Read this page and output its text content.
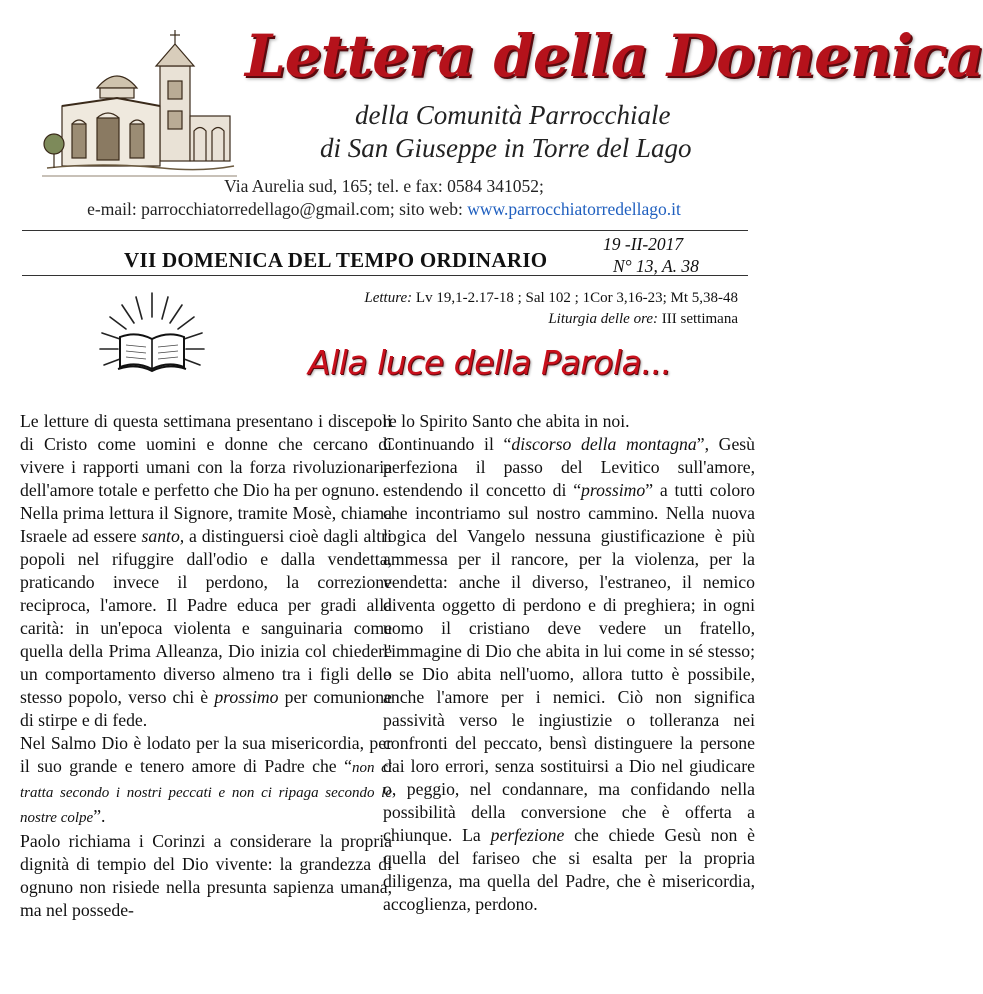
Lettera della Domenica
della Comunità Parrocchiale
di San Giuseppe in Torre del Lago
Via Aurelia sud, 165; tel. e fax: 0584 341052;
e-mail: parrocchiatorredellago@gmail.com; sito web: www.parrocchiatorredellago.it
VII DOMENICA DEL TEMPO ORDINARIO
19 -II-2017
N° 13, A. 38
Letture: Lv 19,1-2.17-18 ; Sal 102 ; 1Cor 3,16-23; Mt 5,38-48
Liturgia delle ore: III settimana
Alla luce della Parola...

Le letture di questa settimana presentano i discepoli di Cristo come uomini e donne che cercano di vivere i rapporti umani con la forza rivoluzionaria dell'amore totale e perfetto che Dio ha per ognuno.

Nella prima lettura il Signore, tramite Mosè, chiama Israele ad essere santo, a distinguersi cioè dagli altri popoli nel rifuggire dall'odio e dalla vendetta, praticando invece il perdono, la correzione reciproca, l'amore. Il Padre educa per gradi alla carità: in un'epoca violenta e sanguinaria come quella della Prima Alleanza, Dio inizia col chiedere un comportamento diverso almeno tra i figli dello stesso popolo, verso chi è prossimo per comunione di stirpe e di fede.

Nel Salmo Dio è lodato per la sua misericordia, per il suo grande e tenero amore di Padre che “non ci tratta secondo i nostri peccati e non ci ripaga secondo le nostre colpe”.

Paolo richiama i Corinzi a considerare la propria dignità di tempio del Dio vivente: la grandezza di ognuno non risiede nella presunta sapienza umana, ma nel possede-

re lo Spirito Santo che abita in noi.

Continuando il “discorso della montagna”, Gesù perfeziona il passo del Levitico sull'amore, estendendo il concetto di “prossimo” a tutti coloro che incontriamo sul nostro cammino. Nella nuova logica del Vangelo nessuna giustificazione è più ammessa per il rancore, per la violenza, per la vendetta: anche il diverso, l'estraneo, il nemico diventa oggetto di perdono e di preghiera; in ogni uomo il cristiano deve vedere un fratello, l'immagine di Dio che abita in lui come in sé stesso; e se Dio abita nell'uomo, allora tutto è possibile, anche l'amore per i nemici. Ciò non significa passività verso le ingiustizie o tolleranza nei confronti del peccato, bensì distinguere la persone dai loro errori, senza sostituirsi a Dio nel giudicare o, peggio, nel condannare, ma confidando nella possibilità della conversione che è offerta a chiunque. La perfezione che chiede Gesù non è quella del fariseo che si esalta per la propria diligenza, ma quella del Padre, che è misericordia, accoglienza, perdono.
